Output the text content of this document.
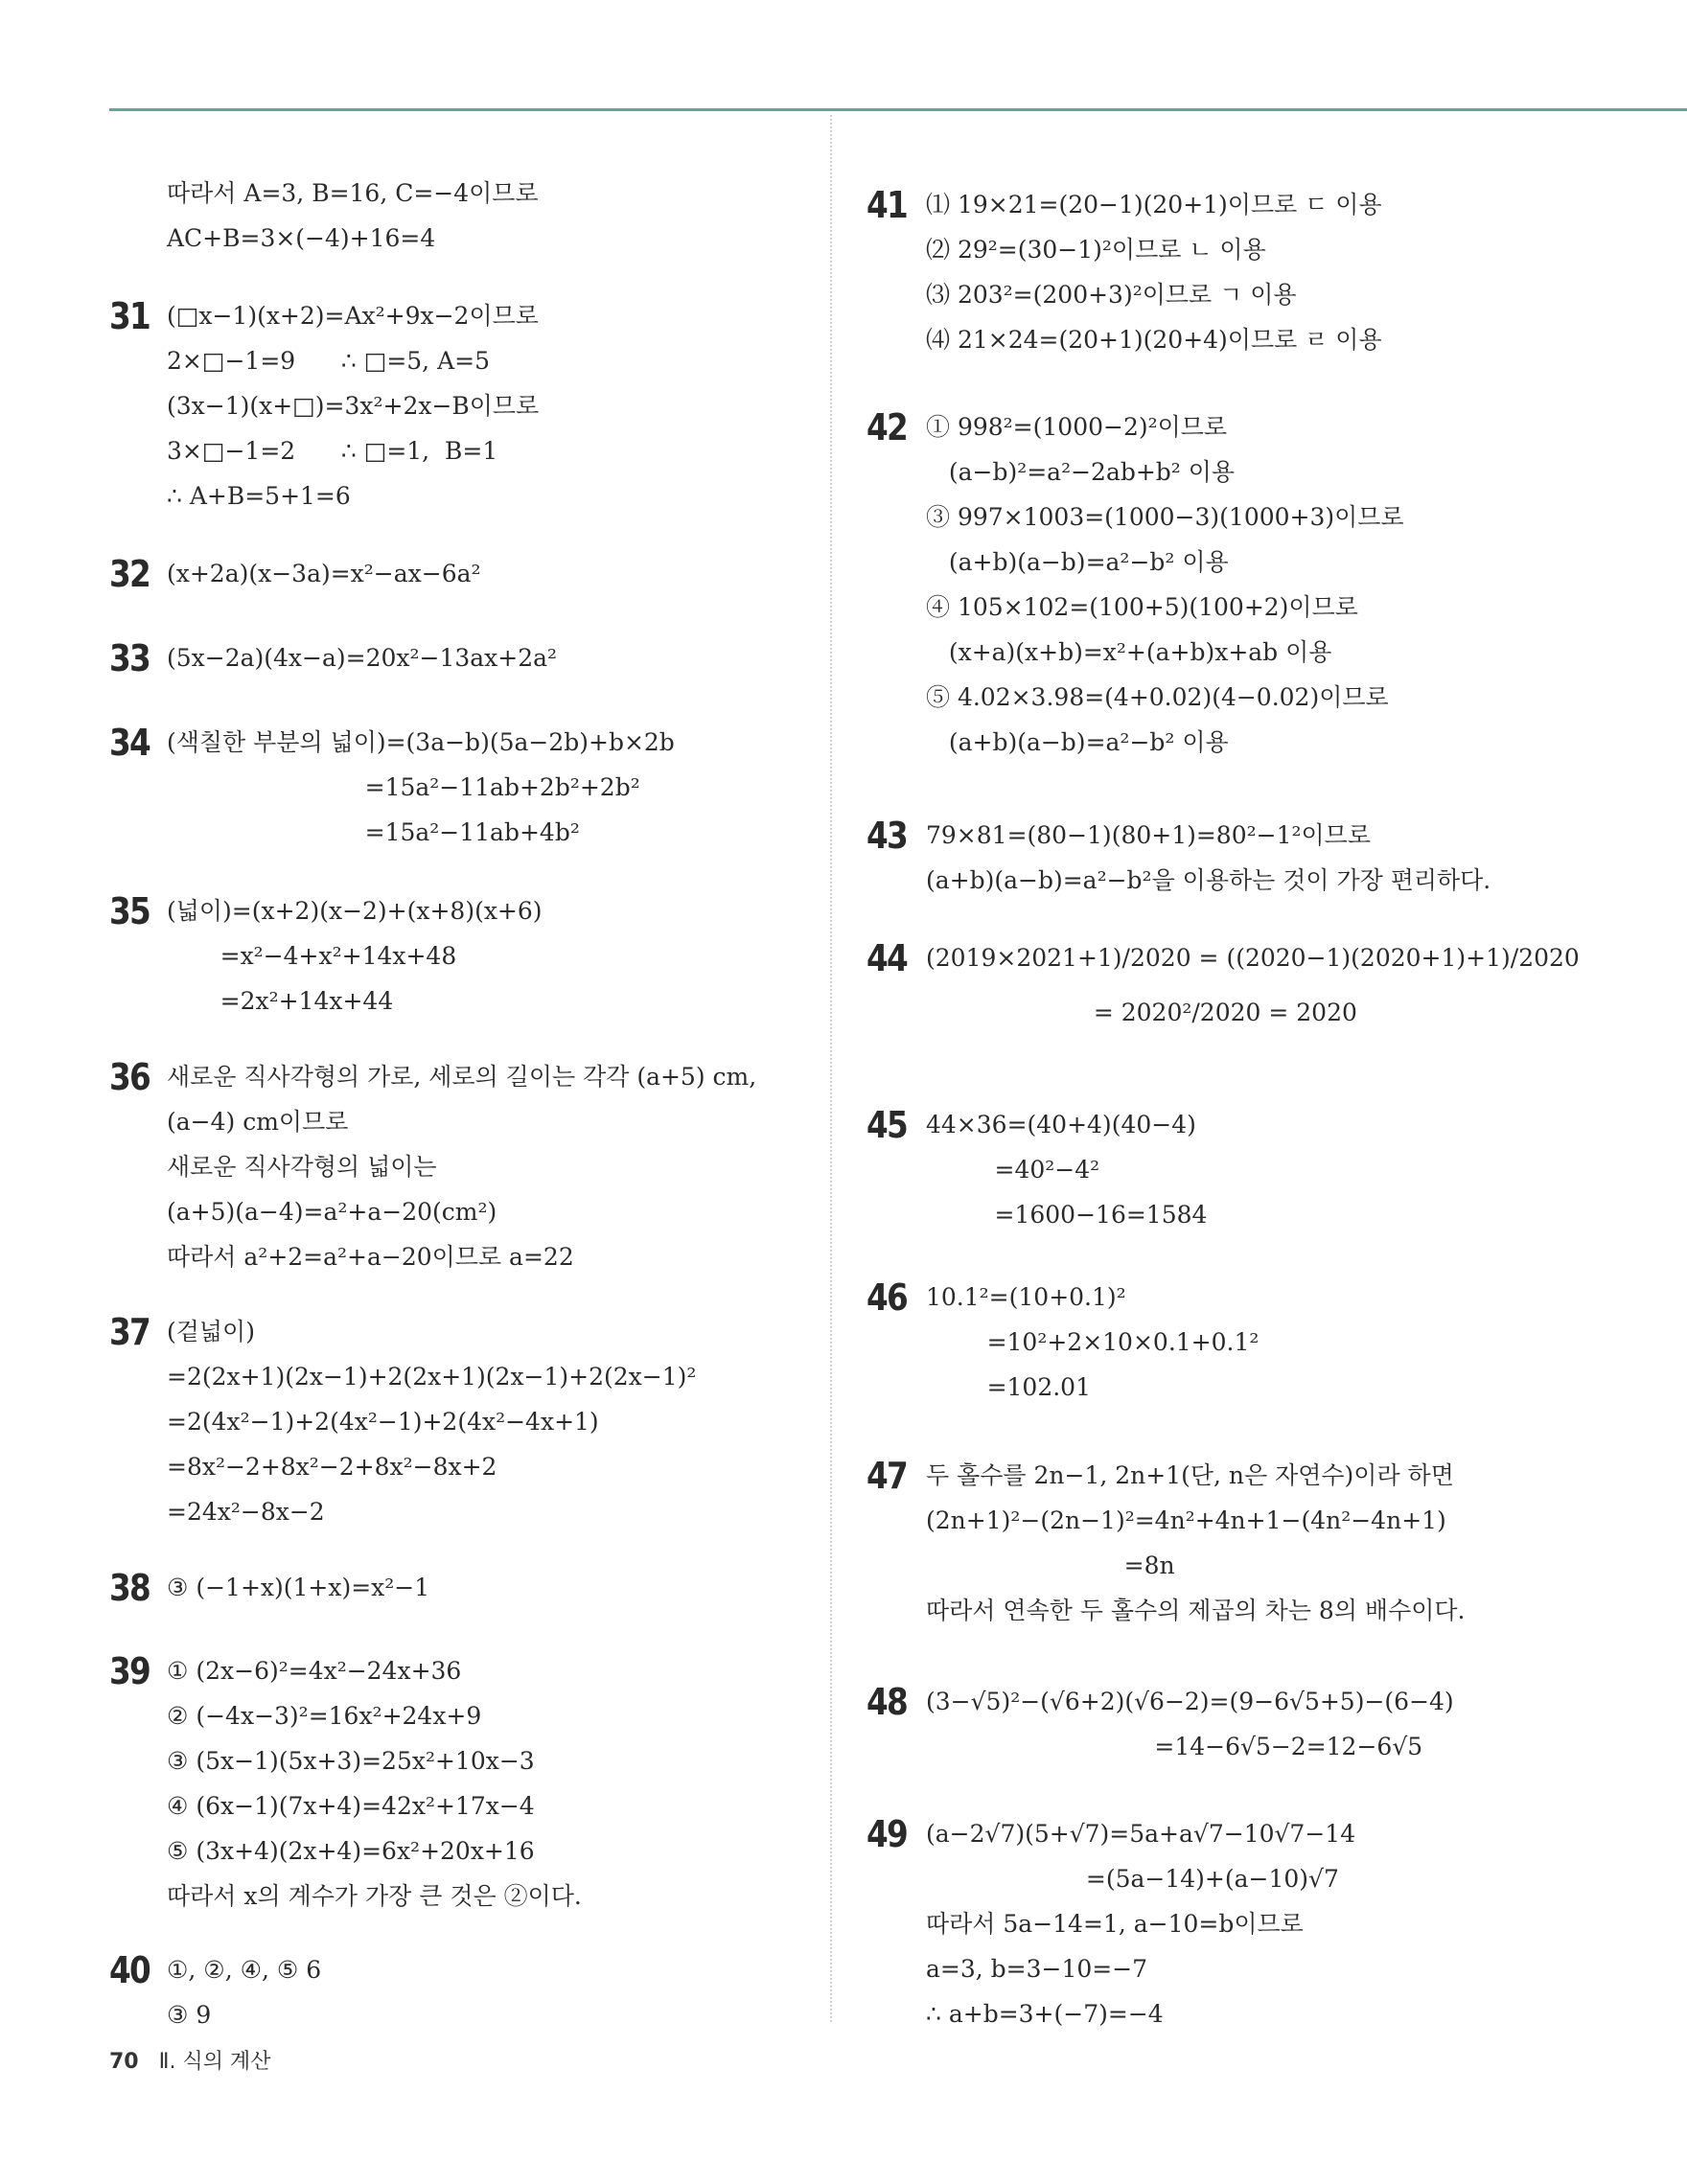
따라서 A=3, B=16, C=−4이므로
AC+B=3×(−4)+16=4
31 (□x−1)(x+2)=Ax²+9x−2이므로
2×□−1=9      ∴ □=5, A=5
(3x−1)(x+□)=3x²+2x−B이므로
3×□−1=2      ∴ □=1,  B=1
∴ A+B=5+1=6
32 (x+2a)(x−3a)=x²−ax−6a²
33 (5x−2a)(4x−a)=20x²−13ax+2a²
34 (색칠한 부분의 넓이)=(3a−b)(5a−2b)+b×2b
=15a²−11ab+2b²+2b²
=15a²−11ab+4b²
35 (넓이)=(x+2)(x−2)+(x+8)(x+6)
=x²−4+x²+14x+48
=2x²+14x+44
36 새로운 직사각형의 가로, 세로의 길이는 각각 (a+5) cm,
(a−4) cm이므로
새로운 직사각형의 넓이는
(a+5)(a−4)=a²+a−20(cm²)
따라서 a²+2=a²+a−20이므로 a=22
37 (겉넓이)
=2(2x+1)(2x−1)+2(2x+1)(2x−1)+2(2x−1)²
=2(4x²−1)+2(4x²−1)+2(4x²−4x+1)
=8x²−2+8x²−2+8x²−8x+2
=24x²−8x−2
38 ③ (−1+x)(1+x)=x²−1
39 ① (2x−6)²=4x²−24x+36
② (−4x−3)²=16x²+24x+9
③ (5x−1)(5x+3)=25x²+10x−3
④ (6x−1)(7x+4)=42x²+17x−4
⑤ (3x+4)(2x+4)=6x²+20x+16
따라서 x의 계수가 가장 큰 것은 ②이다.
40 ①, ②, ④, ⑤ 6
③ 9
41 ⑴ 19×21=(20−1)(20+1)이므로 ㄷ 이용
⑵ 29²=(30−1)²이므로 ㄴ 이용
⑶ 203²=(200+3)²이므로 ㄱ 이용
⑷ 21×24=(20+1)(20+4)이므로 ㄹ 이용
42 ① 998²=(1000−2)²이므로
(a−b)²=a²−2ab+b² 이용
③ 997×1003=(1000−3)(1000+3)이므로
(a+b)(a−b)=a²−b² 이용
④ 105×102=(100+5)(100+2)이므로
(x+a)(x+b)=x²+(a+b)x+ab 이용
⑤ 4.02×3.98=(4+0.02)(4−0.02)이므로
(a+b)(a−b)=a²−b² 이용
43 79×81=(80−1)(80+1)=80²−1²이므로
(a+b)(a−b)=a²−b²을 이용하는 것이 가장 편리하다.
44 (2019×2021+1)/2020 = ((2020−1)(2020+1)+1)/2020
= 2020²/2020 = 2020
45 44×36=(40+4)(40−4)
=40²−4²
=1600−16=1584
46 10.1²=(10+0.1)²
=10²+2×10×0.1+0.1²
=102.01
47 두 홀수를 2n−1, 2n+1(단, n은 자연수)이라 하면
(2n+1)²−(2n−1)²=4n²+4n+1−(4n²−4n+1)
=8n
따라서 연속한 두 홀수의 제곱의 차는 8의 배수이다.
48 (3−√5)²−(√6+2)(√6−2)=(9−6√5+5)−(6−4)
=14−6√5−2=12−6√5
49 (a−2√7)(5+√7)=5a+a√7−10√7−14
=(5a−14)+(a−10)√7
따라서 5a−14=1, a−10=b이므로
a=3, b=3−10=−7
∴ a+b=3+(−7)=−4
70 Ⅱ. 식의 계산
